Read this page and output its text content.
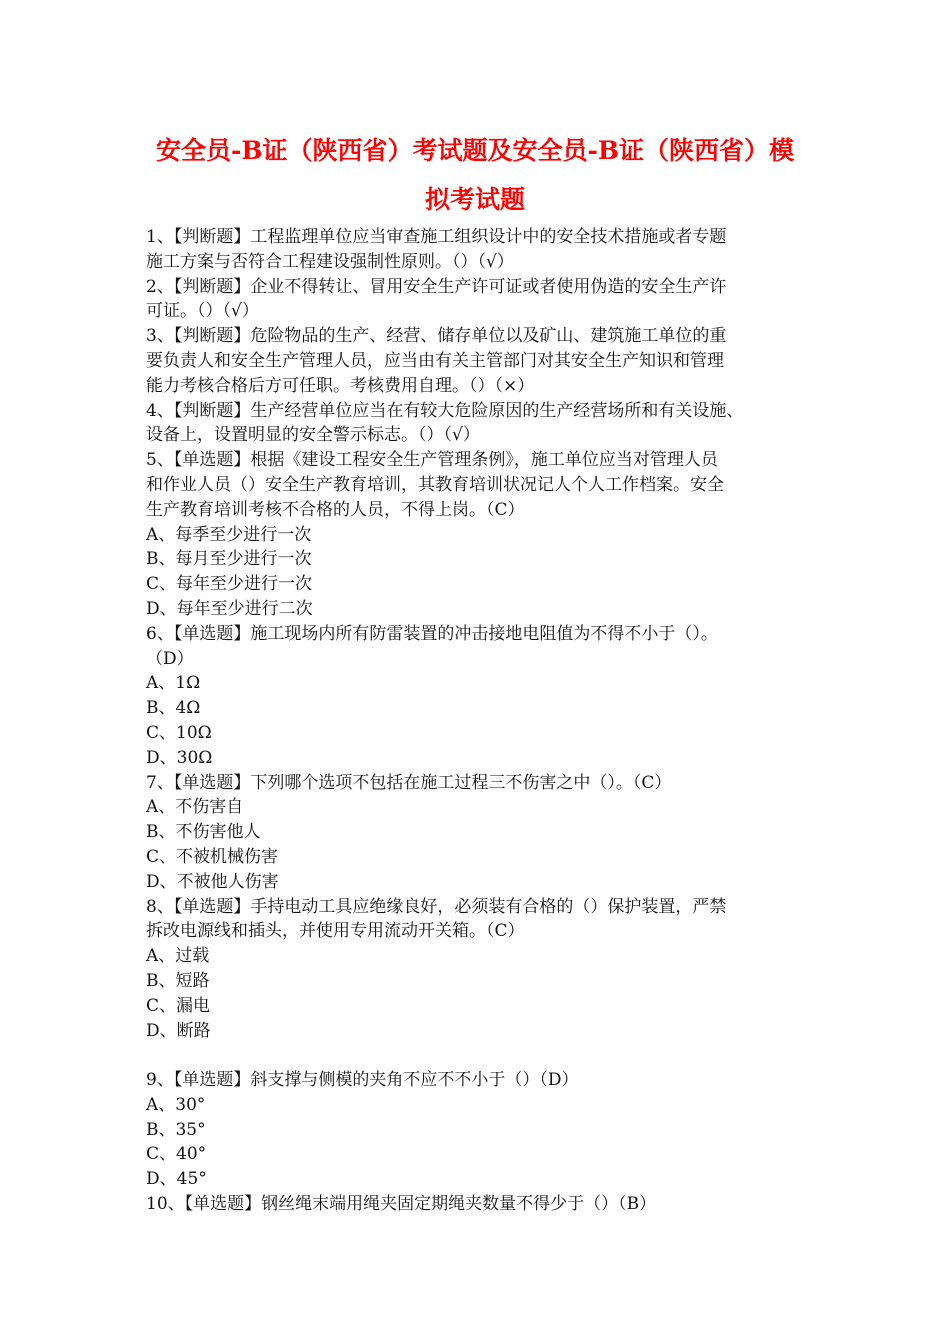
安全员-B证（陕西省）考试题及安全员-B证（陕西省）模
拟考试题
1、【判断题】工程监理单位应当审查施工组织设计中的安全技术措施或者专题
施工方案与否符合工程建设强制性原则。（）（√）
2、【判断题】企业不得转让、冒用安全生产许可证或者使用伪造的安全生产许
可证。（）（√）
3、【判断题】危险物品的生产、经营、储存单位以及矿山、建筑施工单位的重
要负责人和安全生产管理人员，应当由有关主管部门对其安全生产知识和管理
能力考核合格后方可任职。考核费用自理。（）（×）
4、【判断题】生产经营单位应当在有较大危险原因的生产经营场所和有关设施、
设备上，设置明显的安全警示标志。（）（√）
5、【单选题】根据《建设工程安全生产管理条例》，施工单位应当对管理人员
和作业人员（）安全生产教育培训，其教育培训状况记人个人工作档案。安全
生产教育培训考核不合格的人员，不得上岗。（C）
A、每季至少进行一次
B、每月至少进行一次
C、每年至少进行一次
D、每年至少进行二次
6、【单选题】施工现场内所有防雷装置的冲击接地电阻值为不得不小于（）。
（D）
A、1Ω
B、4Ω
C、10Ω
D、30Ω
7、【单选题】下列哪个选项不包括在施工过程三不伤害之中（）。（C）
A、不伤害自
B、不伤害他人
C、不被机械伤害
D、不被他人伤害
8、【单选题】手持电动工具应绝缘良好，必须装有合格的（）保护装置，严禁
拆改电源线和插头，并使用专用流动开关箱。（C）
A、过载
B、短路
C、漏电
D、断路
9、【单选题】斜支撑与侧模的夹角不应不不小于（）（D）
A、30°
B、35°
C、40°
D、45°
10、【单选题】钢丝绳末端用绳夹固定期绳夹数量不得少于（）（B）
